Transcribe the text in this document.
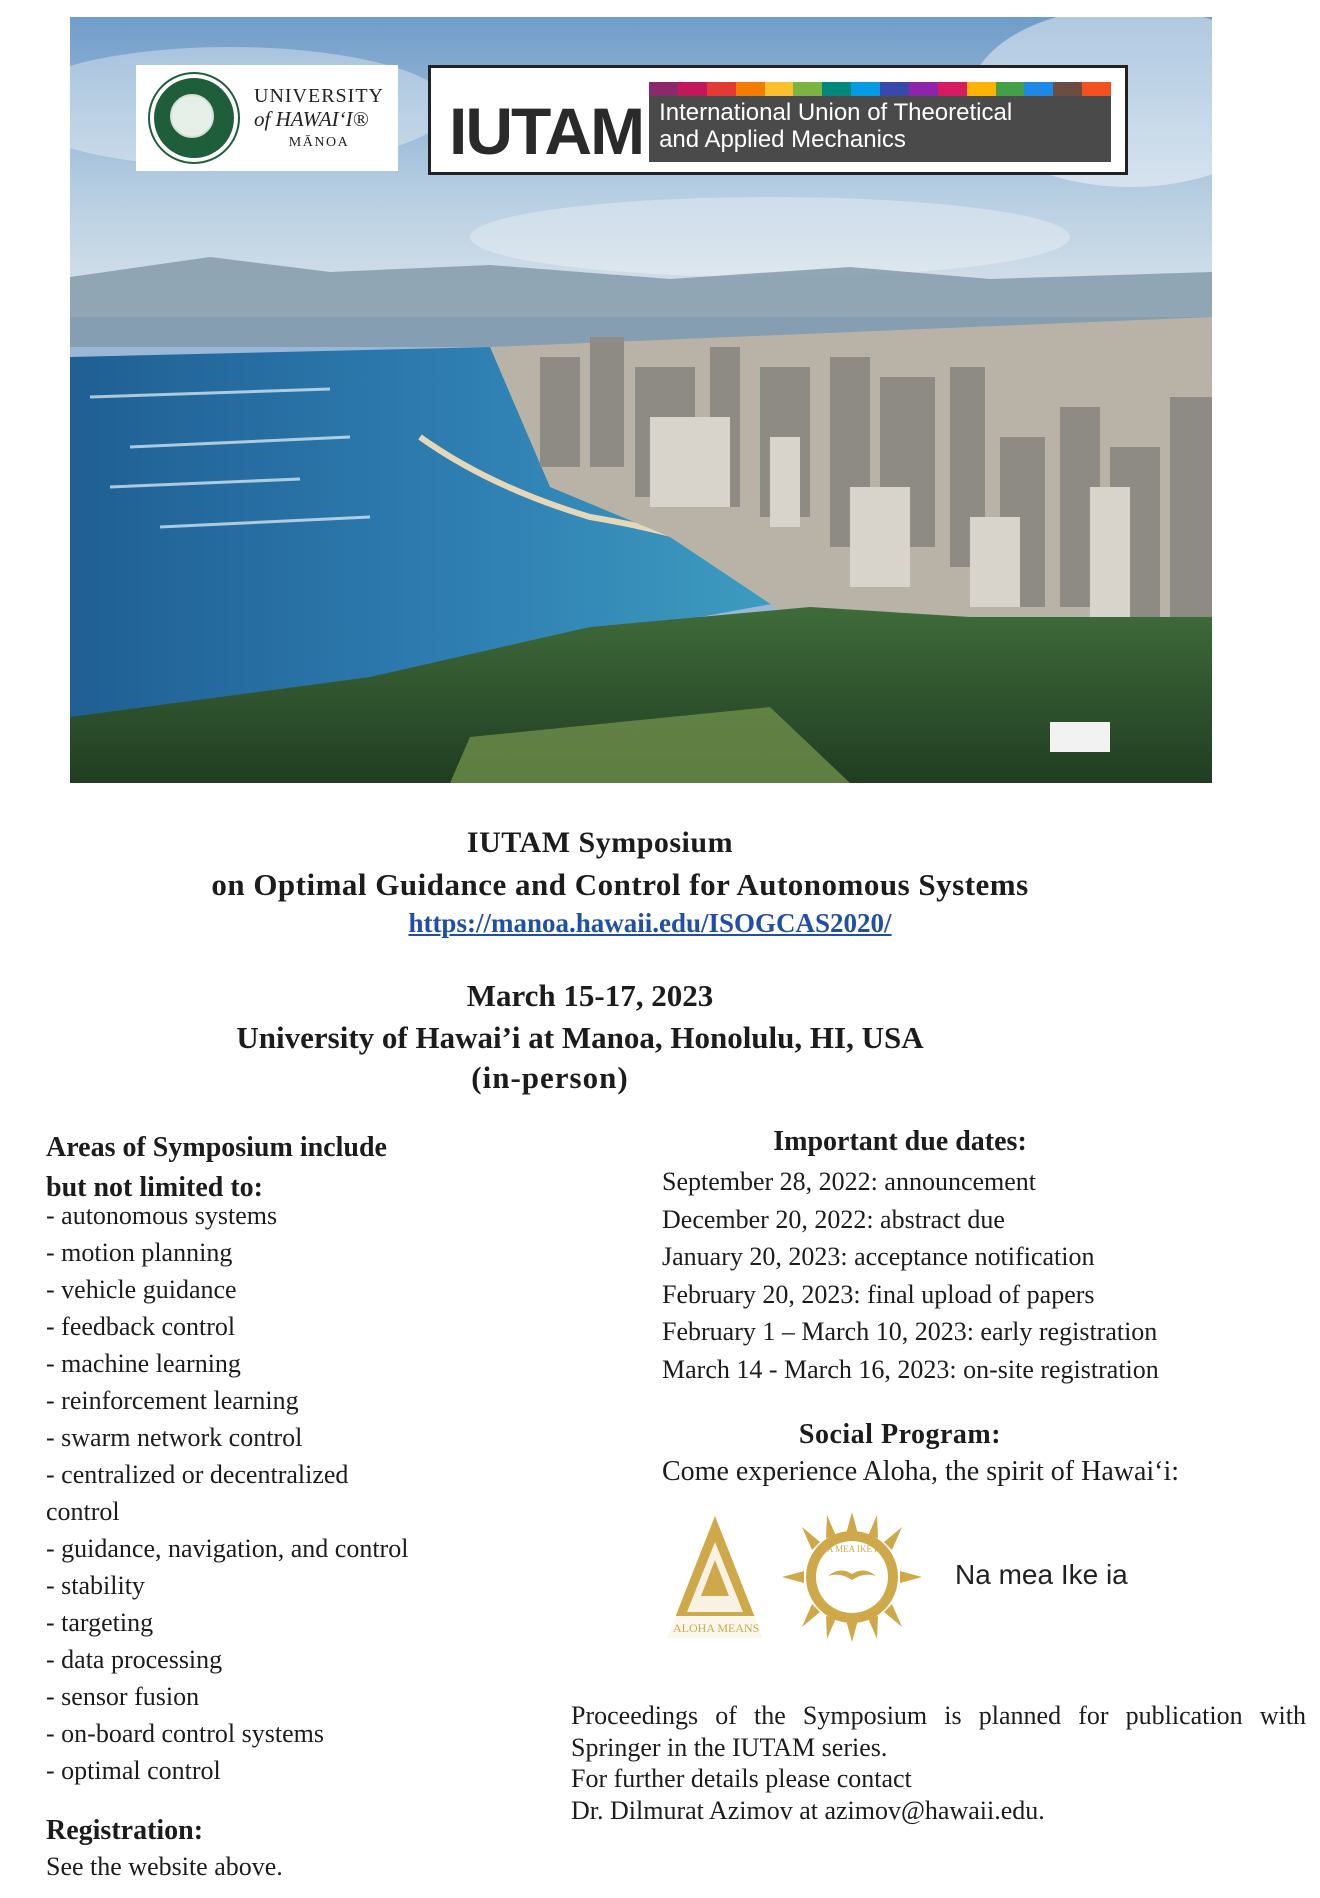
UNIVERSITY
of HAWAIʻI®
MĀNOA	IUTAM International Union of Theoretical
and Applied Mechanics
IUTAM Symposium
on Optimal Guidance and Control for Autonomous Systems
https://manoa.hawaii.edu/ISOGCAS2020/
March 15-17, 2023
University of Hawai’i at Manoa, Honolulu, HI, USA
(in-person)
Areas of Symposium include
but not limited to:
- autonomous systems
- motion planning
- vehicle guidance
- feedback control
- machine learning
- reinforcement learning
- swarm network control
- centralized or decentralized
control
- guidance, navigation, and control
- stability
- targeting
- data processing
- sensor fusion
- on-board control systems
- optimal control
Registration:
See the website above.
Important due dates:
September 28, 2022: announcement
December 20, 2022: abstract due
January 20, 2023: acceptance notification
February 20, 2023: final upload of papers
February 1 – March 10, 2023: early registration
March 14 - March 16, 2023: on-site registration
Social Program:
Come experience Aloha, the spirit of Hawai‘i:
ALOHA MEANS
NA MEA IKE IA
Na mea Ike ia

Proceedings of the Symposium is planned for publication with
Springer in the IUTAM series.
For further details please contact
Dr. Dilmurat Azimov at azimov@hawaii.edu.
